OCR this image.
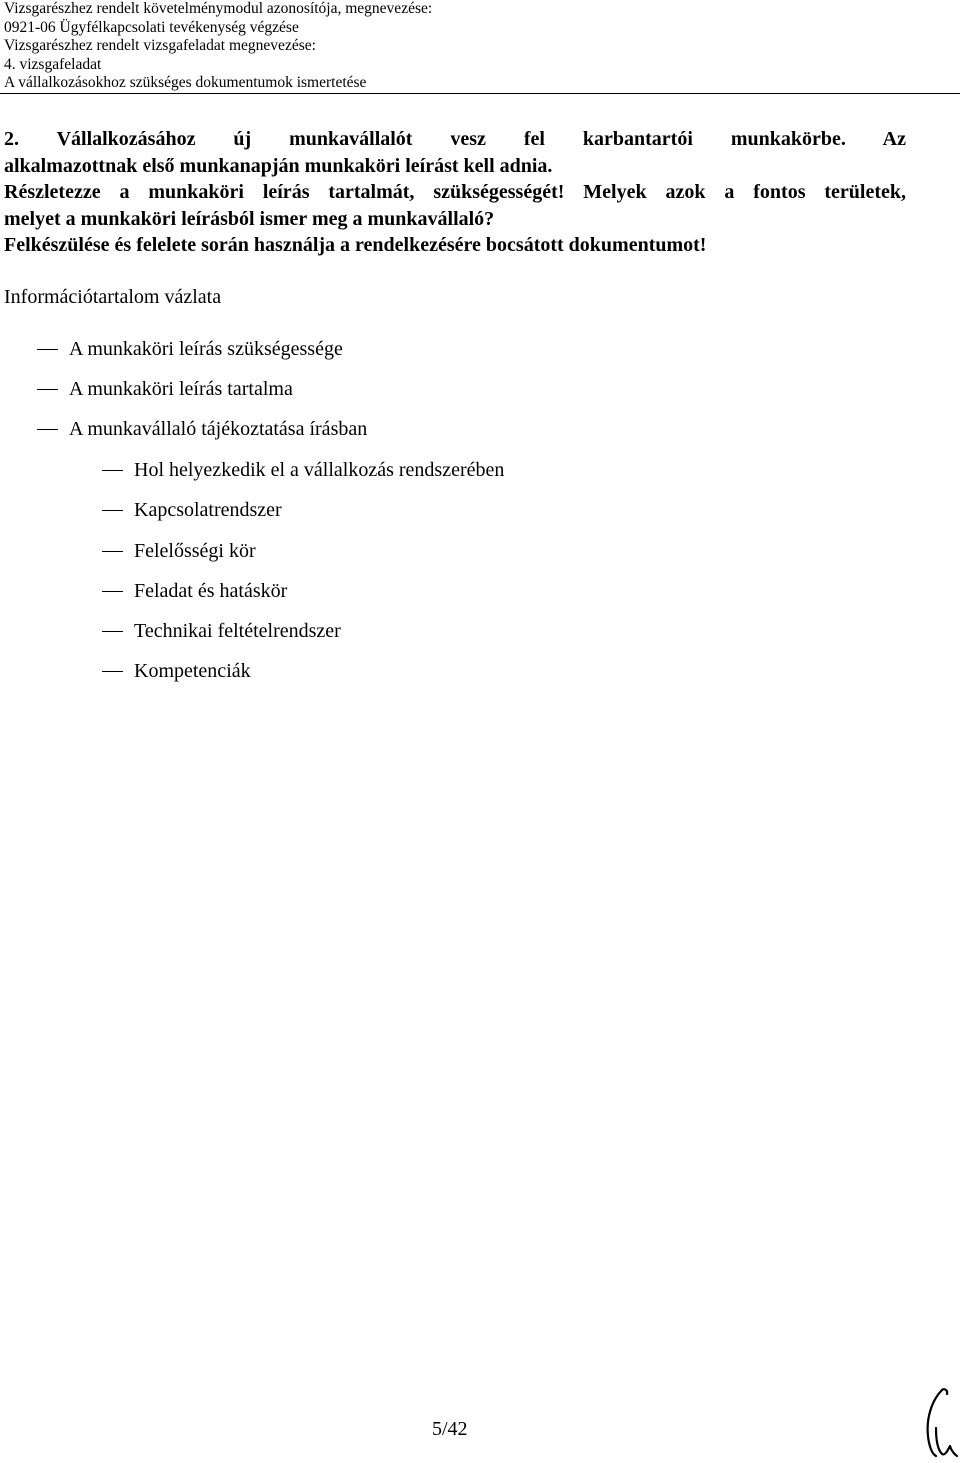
Vizsgarészhez rendelt követelménymodul azonosítója, megnevezése:
0921-06 Ügyfélkapcsolati tevékenység végzése
Vizsgarészhez rendelt vizsgafeladat megnevezése:
4. vizsgafeladat
A vállalkozásokhoz szükséges dokumentumok ismertetése
2. Vállalkozásához új munkavállalót vesz fel karbantartói munkakörbe. Az
alkalmazottnak első munkanapján munkaköri leírást kell adnia.
Részletezze a munkaköri leírás tartalmát, szükségességét! Melyek azok a fontos területek,
melyet a munkaköri leírásból ismer meg a munkavállaló?
Felkészülése és felelete során használja a rendelkezésére bocsátott dokumentumot!
Információtartalom vázlata
A munkaköri leírás szükségessége
A munkaköri leírás tartalma
A munkavállaló tájékoztatása írásban
Hol helyezkedik el a vállalkozás rendszerében
Kapcsolatrendszer
Felelősségi kör
Feladat és hatáskör
Technikai feltételrendszer
Kompetenciák
5/42
